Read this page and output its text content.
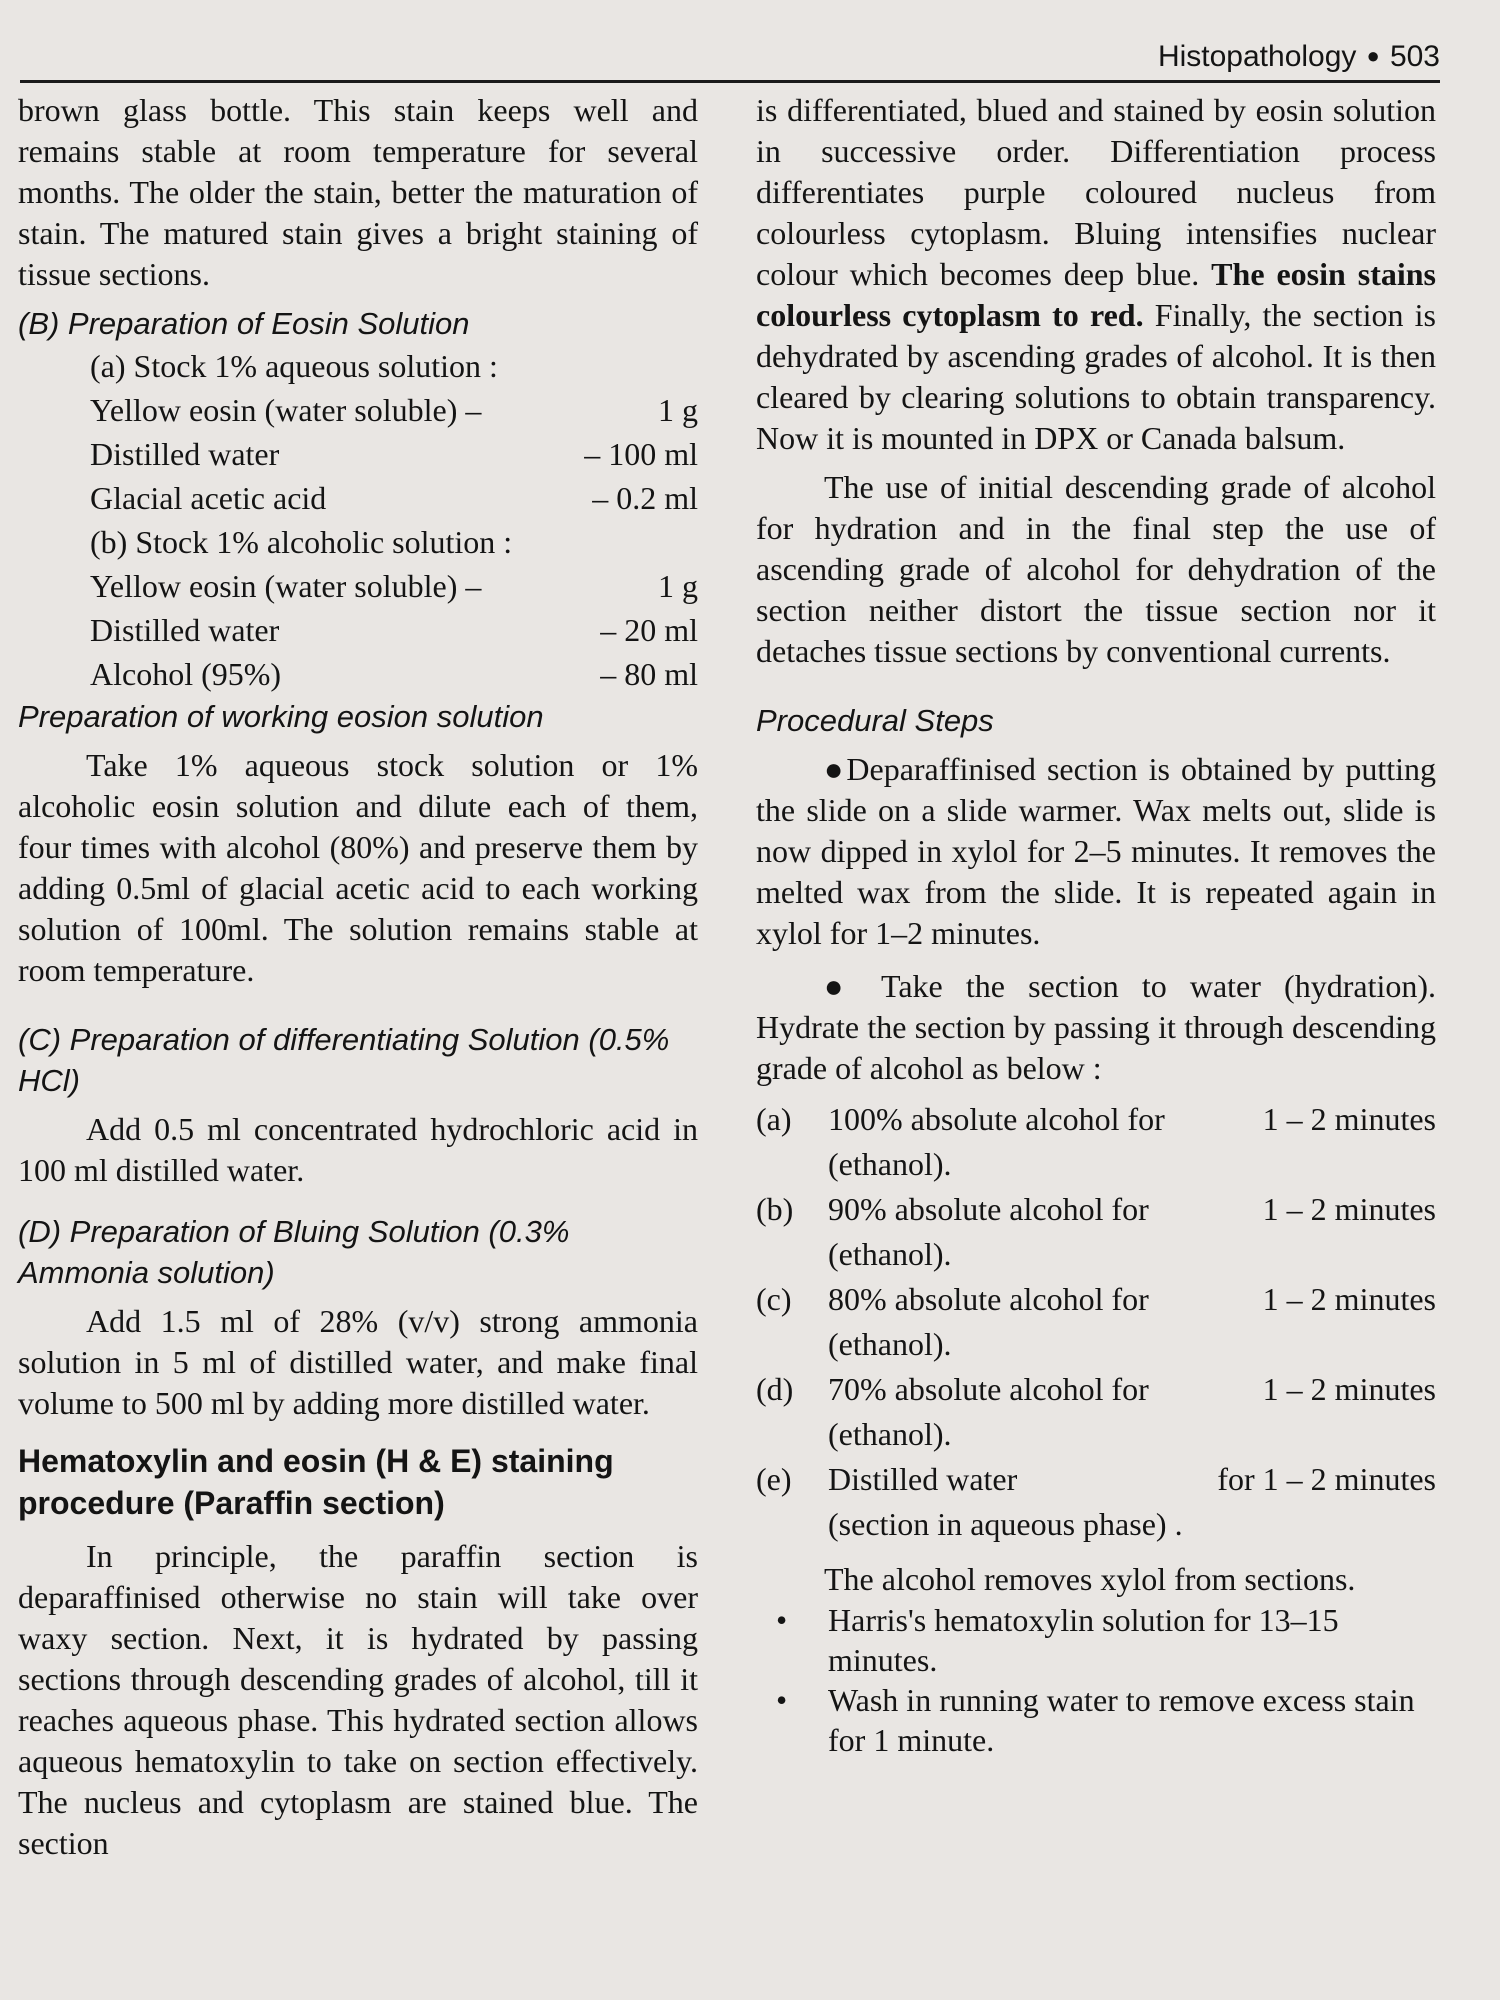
Histopathology ● 503

brown glass bottle. This stain keeps well and remains stable at room temperature for several months. The older the stain, better the maturation of stain. The matured stain gives a bright staining of tissue sections.

(B) Preparation of Eosin Solution
(a) Stock 1% aqueous solution :
Yellow eosin (water soluble) –	1 g
Distilled water	– 100 ml
Glacial acetic acid	– 0.2 ml
(b) Stock 1% alcoholic solution :
Yellow eosin (water soluble) –	1 g
Distilled water	– 20 ml
Alcohol (95%)	– 80 ml
Preparation of working eosion solution

Take 1% aqueous stock solution or 1% alcoholic eosin solution and dilute each of them, four times with alcohol (80%) and preserve them by adding 0.5ml of glacial acetic acid to each working solution of 100ml. The solution remains stable at room temperature.

(C) Preparation of differentiating Solution (0.5% HCl)

Add 0.5 ml concentrated hydrochloric acid in 100 ml distilled water.

(D) Preparation of Bluing Solution (0.3% Ammonia solution)

Add 1.5 ml of 28% (v/v) strong ammonia solution in 5 ml of distilled water, and make final volume to 500 ml by adding more distilled water.

Hematoxylin and eosin (H & E) staining procedure (Paraffin section)

In principle, the paraffin section is deparaffinised otherwise no stain will take over waxy section. Next, it is hydrated by passing sections through descending grades of alcohol, till it reaches aqueous phase. This hydrated section allows aqueous hematoxylin to take on section effectively. The nucleus and cytoplasm are stained blue. The section

is differentiated, blued and stained by eosin solution in successive order. Differentiation process differentiates purple coloured nucleus from colourless cytoplasm. Bluing intensifies nuclear colour which becomes deep blue. The eosin stains colourless cytoplasm to red. Finally, the section is dehydrated by ascending grades of alcohol. It is then cleared by clearing solutions to obtain transparency. Now it is mounted in DPX or Canada balsum.

The use of initial descending grade of alcohol for hydration and in the final step the use of ascending grade of alcohol for dehydration of the section neither distort the tissue section nor it detaches tissue sections by conventional currents.

Procedural Steps

●Deparaffinised section is obtained by putting the slide on a slide warmer. Wax melts out, slide is now dipped in xylol for 2–5 minutes. It removes the melted wax from the slide. It is repeated again in xylol for 1–2 minutes.

● Take the section to water (hydration). Hydrate the section by passing it through descending grade of alcohol as below :

(a)	100% absolute alcohol for	1 – 2 minutes
(ethanol).
(b)	90% absolute alcohol for	1 – 2 minutes
(ethanol).
(c)	80% absolute alcohol for	1 – 2 minutes
(ethanol).
(d)	70% absolute alcohol for	1 – 2 minutes
(ethanol).
(e)	Distilled water	for 1 – 2 minutes
(section in aqueous phase) .

The alcohol removes xylol from sections.

•	Harris's hematoxylin solution for 13–15 minutes.
•	Wash in running water to remove excess stain for 1 minute.
